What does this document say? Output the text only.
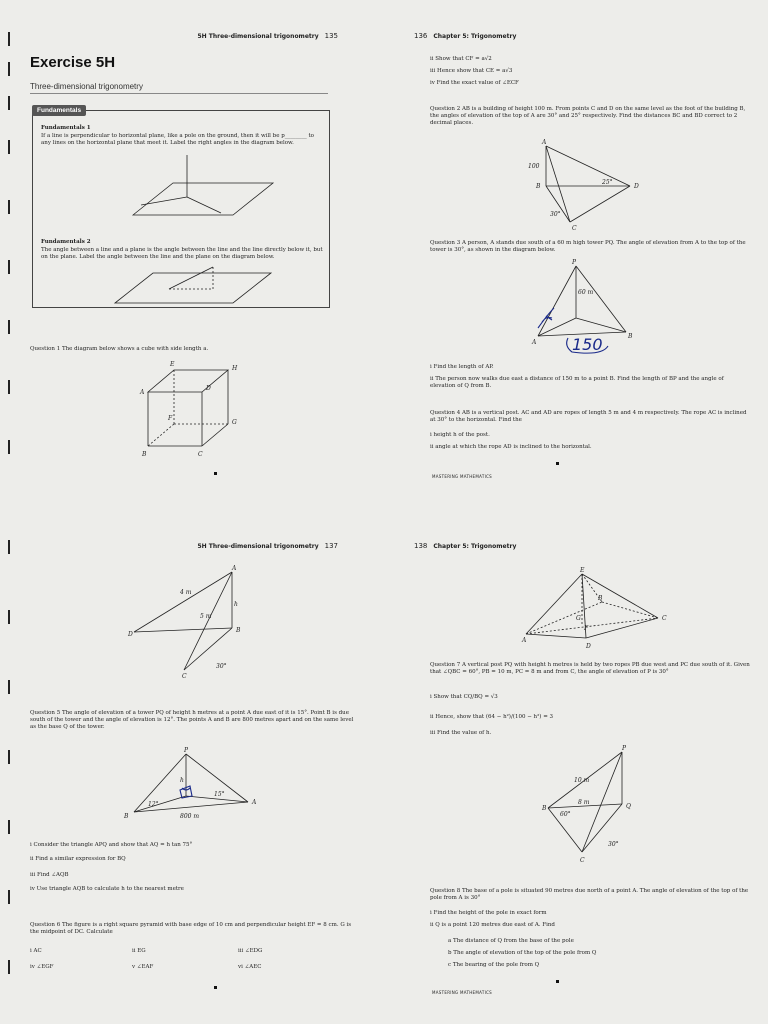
5H Three-dimensional trigonometry 135
Exercise 5H
Three-dimensional trigonometry
Fundamentals
Fundamentals 1
If a line is perpendicular to horizontal plane, like a pole on the ground, then it will be p________ to any lines on the horizontal plane that meet it. Label the right angles in the diagram below.
Fundamentals 2
The angle between a line and a plane is the angle between the line and the line directly below it, but on the plane. Label the angle between the line and the plane on the diagram below.
Question 1 The diagram below shows a cube with side length a.
E
H
A
D
F
G
B	C
136 Chapter 5: Trigonometry
ii Show that CF = a√2
iii Hence show that CE = a√3
iv Find the exact value of ∠ECF
Question 2 AB is a building of height 100 m. From points C and D on the same level as the foot of the building B, the angles of elevation of the top of A are 30° and 25° respectively. Find the distances BC and BD correct to 2 decimal places.
A
100
B
25°
D
30°
C
Question 3 A person, A stands due south of a 60 m high tower PQ. The angle of elevation from A to the top of the tower is 30°, as shown in the diagram below.
P
60 m
A
B
150
i Find the length of AP.
ii The person now walks due east a distance of 150 m to a point B. Find the length of BP and the angle of elevation of Q from B.
Question 4 AB is a vertical post. AC and AD are ropes of length 5 m and 4 m respectively. The rope AC is inclined at 30° to the horizontal. Find the
i height h of the post.
ii angle at which the rope AD is inclined to the horizontal.
MASTERING MATHEMATICS
5H Three-dimensional trigonometry 137
A
4 m
5 m
h
B
D
30°
C
Question 5 The angle of elevation of a tower PQ of height h metres at a point A due east of it is 15°. Point B is due south of the tower and the angle of elevation is 12°. The points A and B are 800 metres apart and on the same level as the base Q of the tower.
P
h
12°
15°
B
A
800 m
i Consider the triangle APQ and show that AQ = h tan 75°
ii Find a similar expression for BQ
iii Find ∠AQB
iv Use triangle AQB to calculate h to the nearest metre
Question 6 The figure is a right square pyramid with base edge of 10 cm and perpendicular height EF = 8 cm. G is the midpoint of DC. Calculate
i AC	ii EG	iii ∠EDG
iv ∠EGF	v ∠EAF	vi ∠AEC
138 Chapter 5: Trigonometry
E
B
G
F
C
A
D
Question 7 A vertical post PQ with height h metres is held by two ropes PB due west and PC due south of it. Given that ∠QBC = 60°, PB = 10 m, PC = 8 m and from C, the angle of elevation of P is 30°
i Show that CQ/BQ = √3
ii Hence, show that (64 − h²)/(100 − h²) = 3
iii Find the value of h.
P
10 m
8 m
B
60°
Q
30°
C
Question 8 The base of a pole is situated 90 metres due north of a point A. The angle of elevation of the top of the pole from A is 30°
i Find the height of the pole in exact form
ii Q is a point 120 metres due east of A. Find
a The distance of Q from the base of the pole
b The angle of elevation of the top of the pole from Q
c The bearing of the pole from Q
MASTERING MATHEMATICS
